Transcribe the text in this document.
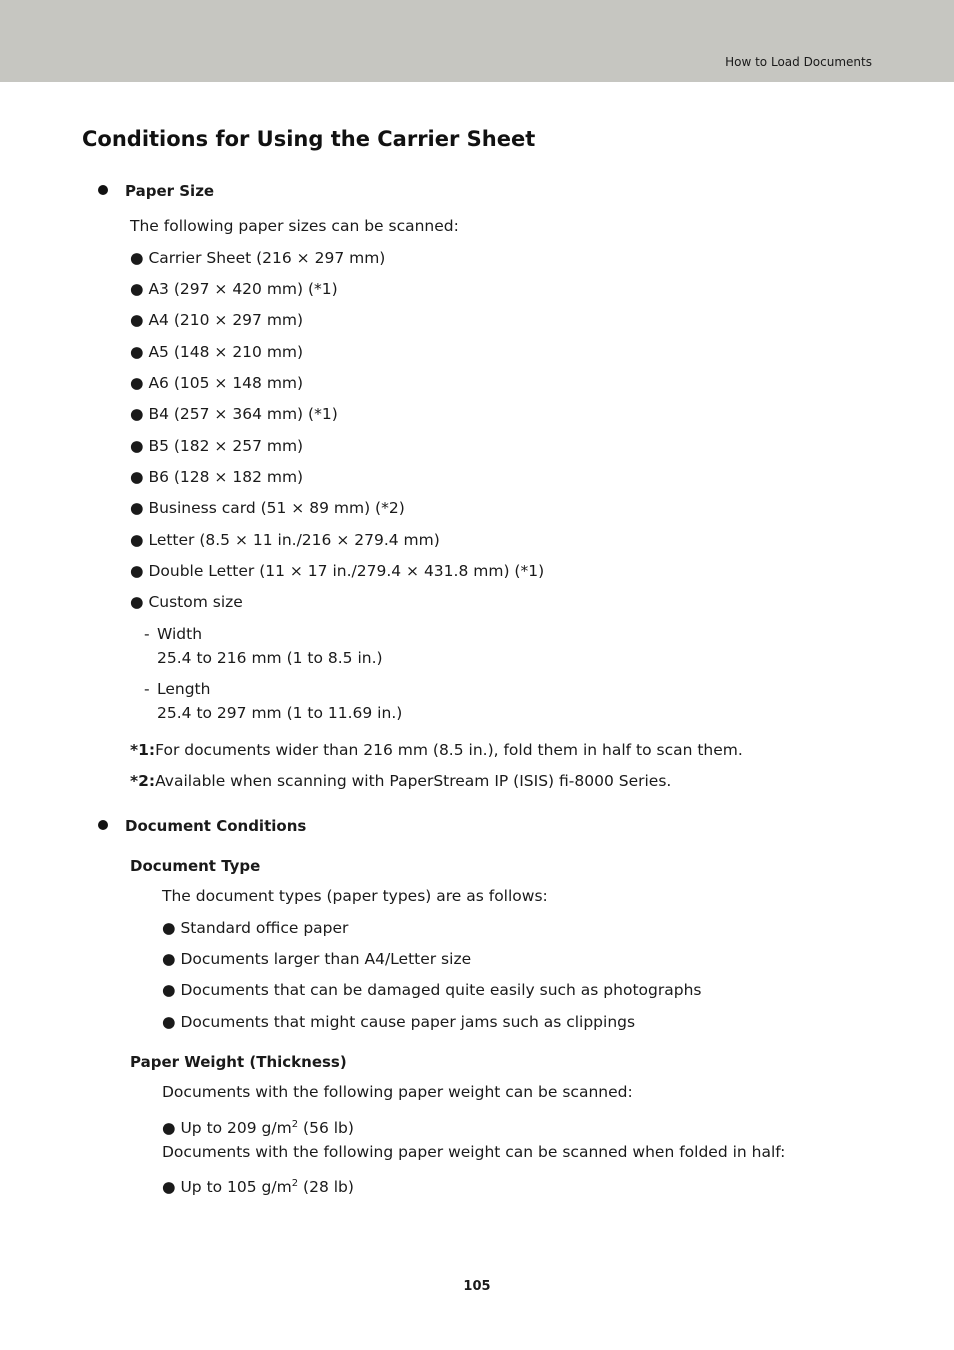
How to Load Documents
Conditions for Using the Carrier Sheet
Paper Size
The following paper sizes can be scanned:
● Carrier Sheet (216 × 297 mm)
● A3 (297 × 420 mm) (*1)
● A4 (210 × 297 mm)
● A5 (148 × 210 mm)
● A6 (105 × 148 mm)
● B4 (257 × 364 mm) (*1)
● B5 (182 × 257 mm)
● B6 (128 × 182 mm)
● Business card (51 × 89 mm) (*2)
● Letter (8.5 × 11 in./216 × 279.4 mm)
● Double Letter (11 × 17 in./279.4 × 431.8 mm) (*1)
● Custom size
- Width
25.4 to 216 mm (1 to 8.5 in.)
- Length
25.4 to 297 mm (1 to 11.69 in.)
*1:For documents wider than 216 mm (8.5 in.), fold them in half to scan them.
*2:Available when scanning with PaperStream IP (ISIS) fi-8000 Series.
Document Conditions
Document Type
The document types (paper types) are as follows:
● Standard office paper
● Documents larger than A4/Letter size
● Documents that can be damaged quite easily such as photographs
● Documents that might cause paper jams such as clippings
Paper Weight (Thickness)
Documents with the following paper weight can be scanned:
● Up to 209 $g/m^2$ (56 lb)
Documents with the following paper weight can be scanned when folded in half:
● Up to 105 $g/m^2$ (28 lb)
105
